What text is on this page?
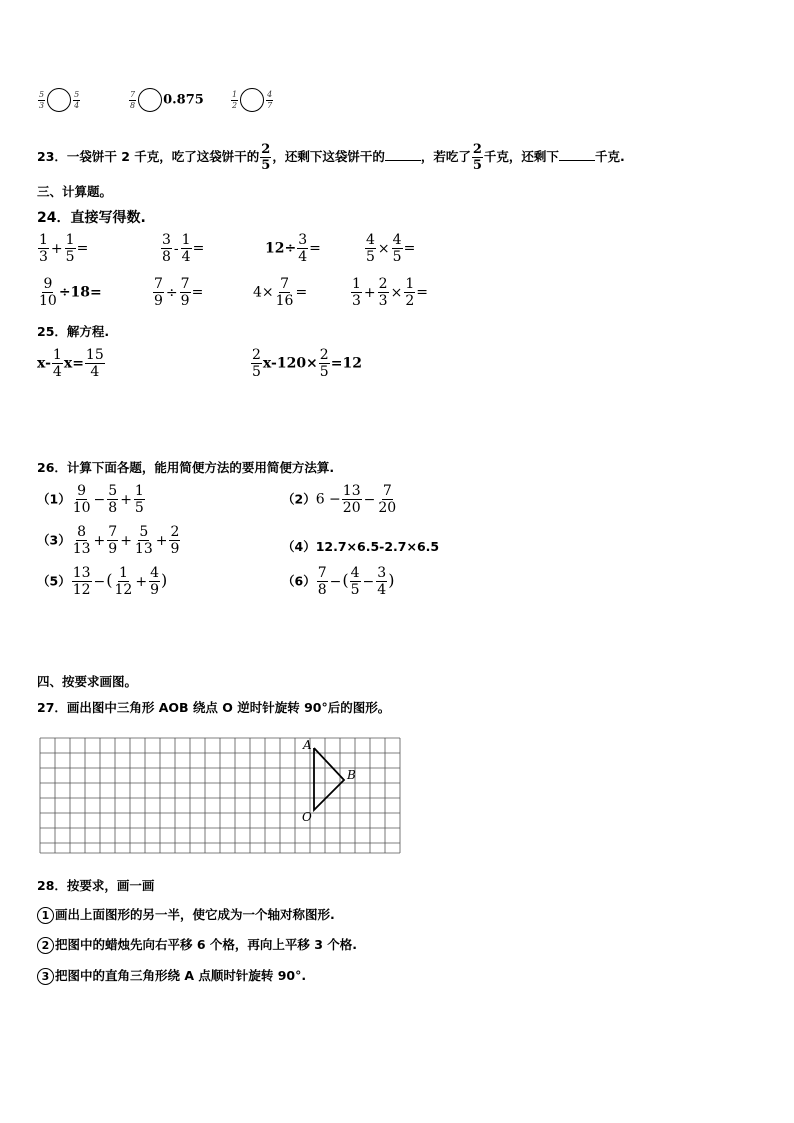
$\frac{5}{3}$	$\frac{5}{4}$	$\frac{7}{8} 0.875$	$\frac{1}{2}$	$\frac{4}{7}$
23．一袋饼干 2 千克，吃了这袋饼干的 $\frac{2}{5}$ ，还剩下这袋饼干的	，若吃了 $\frac{2}{5}$ 千克，还剩下	千克.
三、计算题。
24．直接写得数.
$\frac{1}{3} + \frac{1}{5}$ =	$\frac{3}{8} - \frac{1}{4}$ =	$12\div \frac{3}{4}$ =	$\frac{4}{5} \times \frac{4}{5}$ =
$\frac{9}{10} \div 18=$	$\frac{7}{9} \div \frac{7}{9}$ =	$4\times \frac{7}{16}$ =	$\frac{1}{3} + \frac{2}{3} \times \frac{1}{2}$ =
25．解方程.
$x- \frac{1}{4} x= \frac{15}{4}$	$\frac{2}{5} x-120\times \frac{2}{5} =12$
26．计算下面各题，能用简便方法的要用简便方法算.
$(1) \frac{9}{10} - \frac{5}{8} + \frac{1}{5}$	$(2)6 - \frac{13}{20} - \frac{7}{20}$
$(3) \frac{8}{13} + \frac{7}{9} + \frac{5}{13} + \frac{2}{9}$	（4）12.7×6.5-2.7×6.5
$(5) \frac{13}{12}$ −( $\frac{1}{12} + \frac{4}{9}$ )	$(6) \frac{7}{8}$ −( $\frac{4}{5} - \frac{3}{4}$ )
四、按要求画图。
27．画出图中三角形 AOB 绕点 O 逆时针旋转 90°后的图形。
A
B
O
28．按要求，画一画
1 画出上面图形的另一半，使它成为一个轴对称图形.
2 把图中的蜡烛先向右平移 6 个格，再向上平移 3 个格.
3 把图中的直角三角形绕 A 点顺时针旋转 90°.
